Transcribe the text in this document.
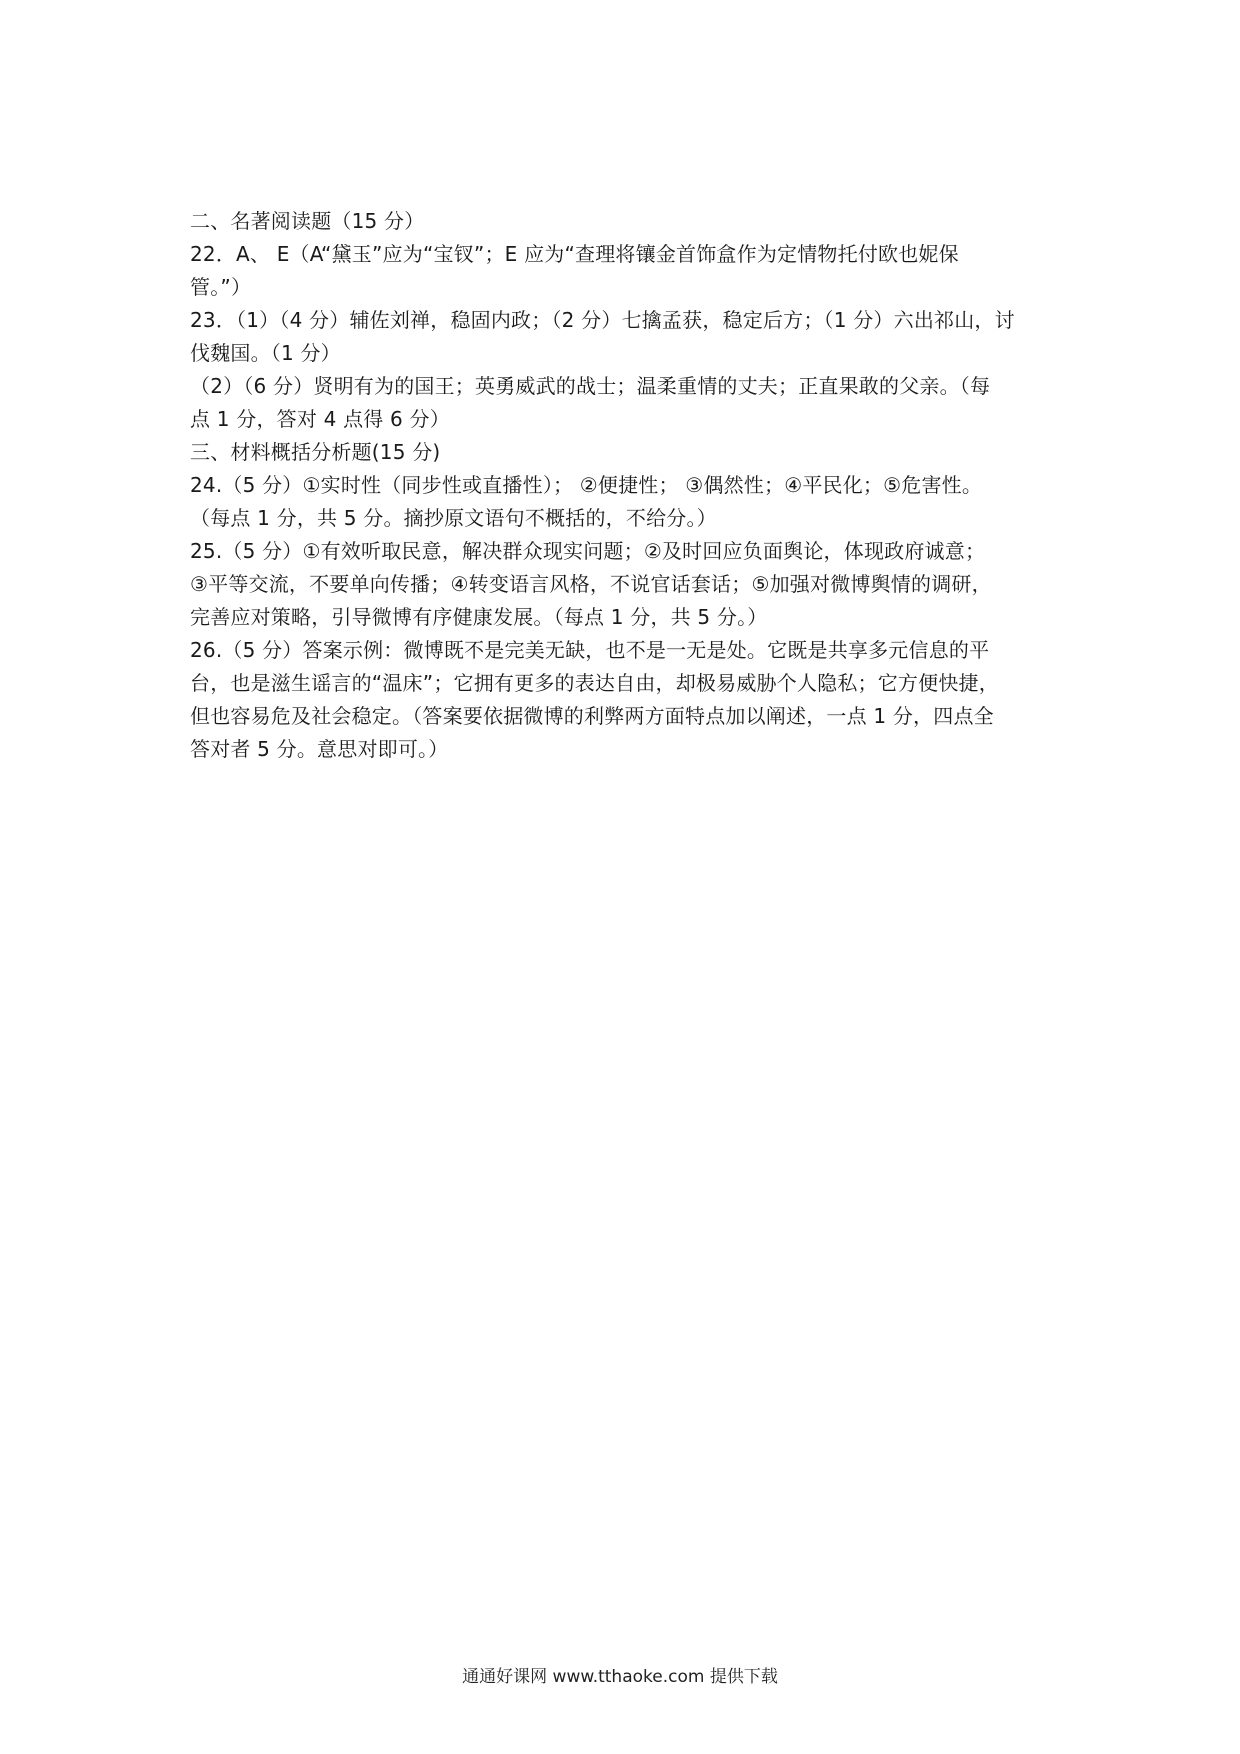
二、名著阅读题（15 分）
22．A、 E（A“黛玉”应为“宝钗”；E 应为“查理将镶金首饰盒作为定情物托付欧也妮保
管。”）
23．（1）（4 分）辅佐刘禅，稳固内政；（2 分）七擒孟获，稳定后方；（1 分）六出祁山，讨
伐魏国。（1 分）
（2）（6 分）贤明有为的国王；英勇威武的战士；温柔重情的丈夫；正直果敢的父亲。（每
点 1 分，答对 4 点得 6 分）
三、材料概括分析题(15 分)
24.（5 分）①实时性（同步性或直播性）； ②便捷性； ③偶然性；④平民化；⑤危害性。
（每点 1 分，共 5 分。摘抄原文语句不概括的，不给分。）
25.（5 分）①有效听取民意，解决群众现实问题；②及时回应负面舆论，体现政府诚意；
③平等交流，不要单向传播；④转变语言风格，不说官话套话；⑤加强对微博舆情的调研，
完善应对策略，引导微博有序健康发展。（每点 1 分，共 5 分。）
26.（5 分）答案示例：微博既不是完美无缺，也不是一无是处。它既是共享多元信息的平
台，也是滋生谣言的“温床”；它拥有更多的表达自由，却极易威胁个人隐私；它方便快捷，
但也容易危及社会稳定。（答案要依据微博的利弊两方面特点加以阐述，一点 1 分，四点全
答对者 5 分。意思对即可。）
通通好课网 www.tthaoke.com 提供下载
